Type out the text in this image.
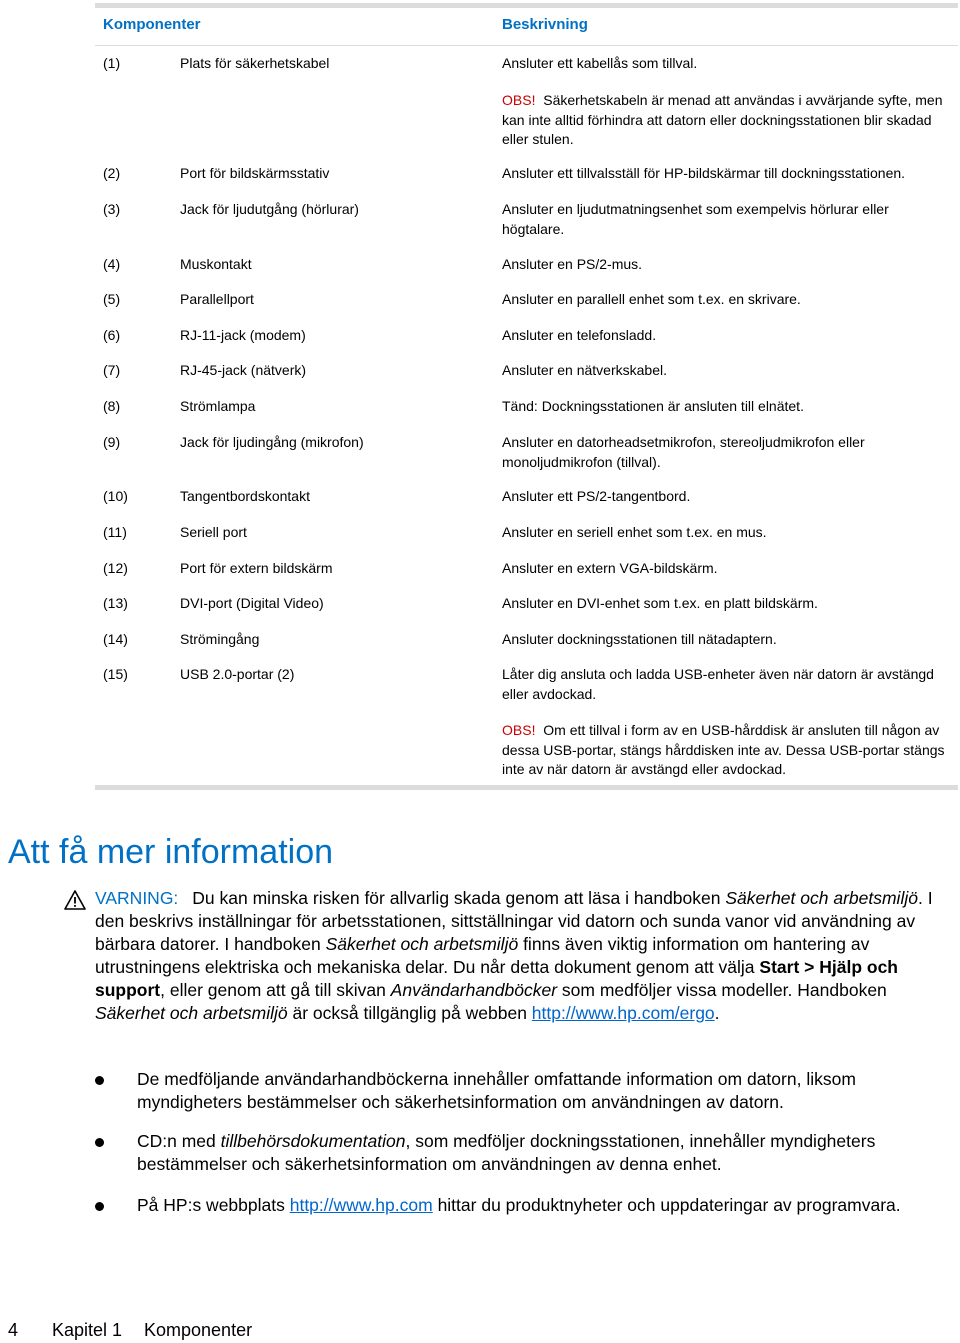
Komponenter	Beskrivning
(1)	Plats för säkerhetskabel	Ansluter ett kabellås som tillval.
OBS! Säkerhetskabeln är menad att användas i avvärjande syfte, men kan inte alltid förhindra att datorn eller dockningsstationen blir skadad eller stulen.
(2)	Port för bildskärmsstativ	Ansluter ett tillvalsställ för HP-bildskärmar till dockningsstationen.
(3)	Jack för ljudutgång (hörlurar)	Ansluter en ljudutmatningsenhet som exempelvis hörlurar eller högtalare.
(4)	Muskontakt	Ansluter en PS/2-mus.
(5)	Parallellport	Ansluter en parallell enhet som t.ex. en skrivare.
(6)	RJ-11-jack (modem)	Ansluter en telefonsladd.
(7)	RJ-45-jack (nätverk)	Ansluter en nätverkskabel.
(8)	Strömlampa	Tänd: Dockningsstationen är ansluten till elnätet.
(9)	Jack för ljudingång (mikrofon)	Ansluter en datorheadsetmikrofon, stereoljudmikrofon eller monoljudmikrofon (tillval).
(10)	Tangentbordskontakt	Ansluter ett PS/2-tangentbord.
(11)	Seriell port	Ansluter en seriell enhet som t.ex. en mus.
(12)	Port för extern bildskärm	Ansluter en extern VGA-bildskärm.
(13)	DVI-port (Digital Video)	Ansluter en DVI-enhet som t.ex. en platt bildskärm.
(14)	Strömingång	Ansluter dockningsstationen till nätadaptern.
(15)	USB 2.0-portar (2)	Låter dig ansluta och ladda USB-enheter även när datorn är avstängd eller avdockad.
OBS! Om ett tillval i form av en USB-hårddisk är ansluten till någon av dessa USB-portar, stängs hårddisken inte av. Dessa USB-portar stängs inte av när datorn är avstängd eller avdockad.
Att få mer information
VARNING: Du kan minska risken för allvarlig skada genom att läsa i handboken Säkerhet och arbetsmiljö. I den beskrivs inställningar för arbetsstationen, sittställningar vid datorn och sunda vanor vid användning av bärbara datorer. I handboken Säkerhet och arbetsmiljö finns även viktig information om hantering av utrustningens elektriska och mekaniska delar. Du når detta dokument genom att välja Start > Hjälp och support, eller genom att gå till skivan Användarhandböcker som medföljer vissa modeller. Handboken Säkerhet och arbetsmiljö är också tillgänglig på webben http://www.hp.com/ergo.
De medföljande användarhandböckerna innehåller omfattande information om datorn, liksom myndigheters bestämmelser och säkerhetsinformation om användningen av datorn.
CD:n med tillbehörsdokumentation, som medföljer dockningsstationen, innehåller myndigheters bestämmelser och säkerhetsinformation om användningen av denna enhet.
På HP:s webbplats http://www.hp.com hittar du produktnyheter och uppdateringar av programvara.
4 Kapitel 1 Komponenter
